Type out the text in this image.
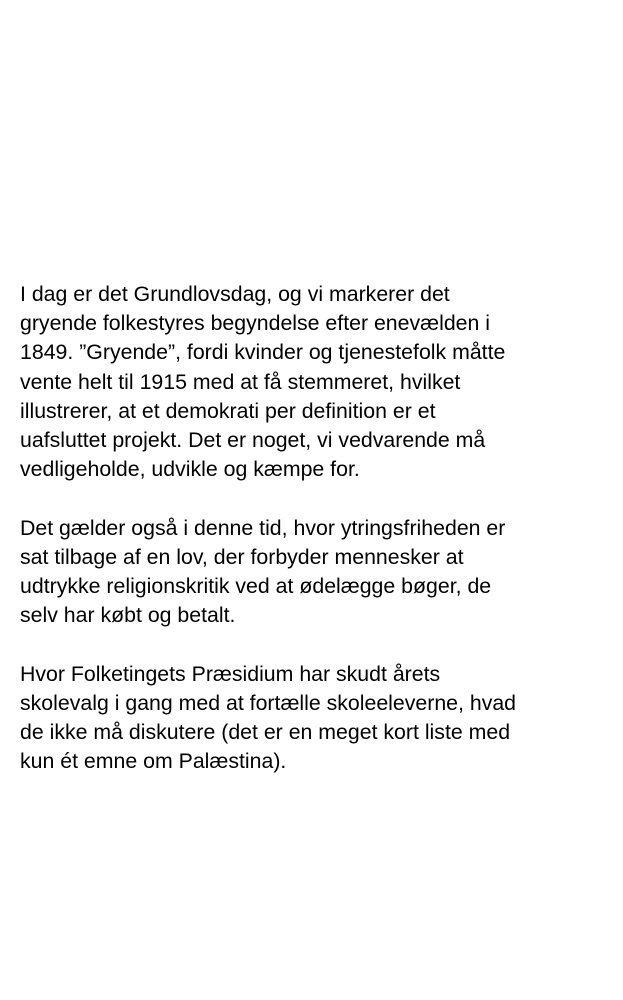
I dag er det Grundlovsdag, og vi markerer det
gryende folkestyres begyndelse efter enevælden i
1849. ”Gryende”, fordi kvinder og tjenestefolk måtte
vente helt til 1915 med at få stemmeret, hvilket
illustrerer, at et demokrati per definition er et
uafsluttet projekt. Det er noget, vi vedvarende må
vedligeholde, udvikle og kæmpe for.

Det gælder også i denne tid, hvor ytringsfriheden er
sat tilbage af en lov, der forbyder mennesker at
udtrykke religionskritik ved at ødelægge bøger, de
selv har købt og betalt.

Hvor Folketingets Præsidium har skudt årets
skolevalg i gang med at fortælle skoleeleverne, hvad
de ikke må diskutere (det er en meget kort liste med
kun ét emne om Palæstina).
